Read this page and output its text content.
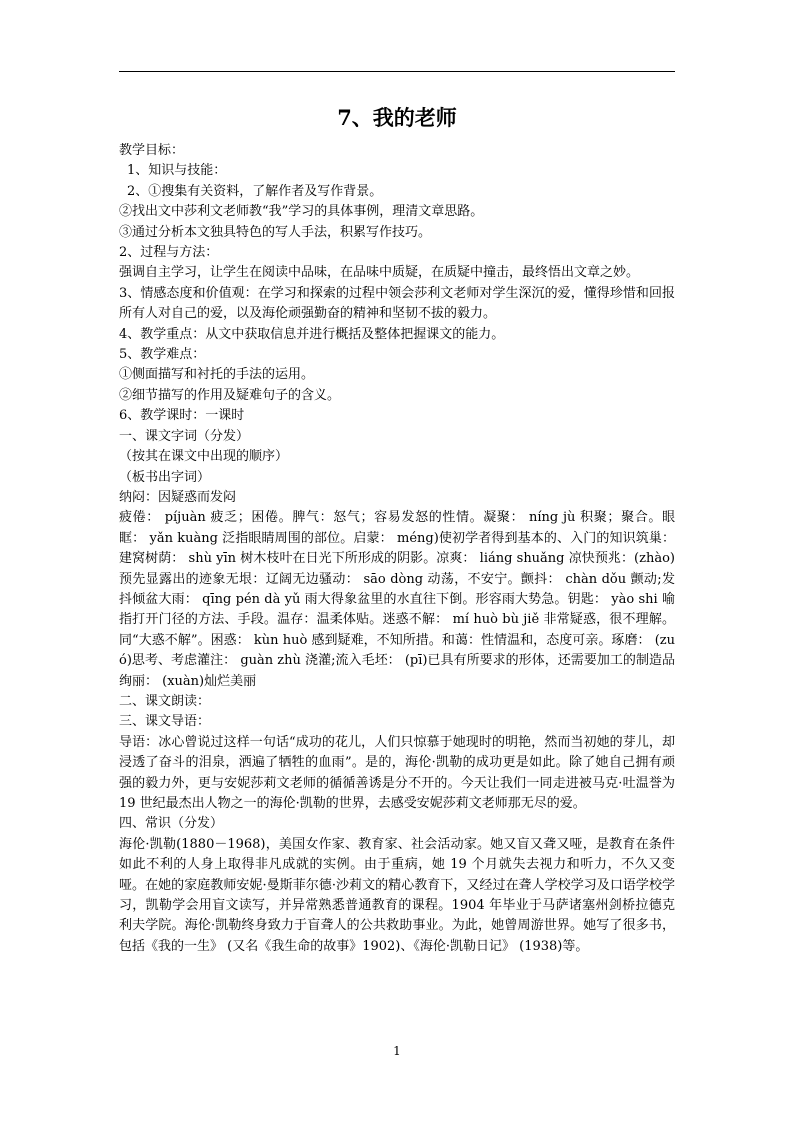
7、我的老师

教学目标：

1、知识与技能：

2、①搜集有关资料，了解作者及写作背景。

②找出文中莎利文老师教“我”学习的具体事例，理清文章思路。

③通过分析本文独具特色的写人手法，积累写作技巧。

2、过程与方法：

强调自主学习，让学生在阅读中品味，在品味中质疑，在质疑中撞击，最终悟出文章之妙。

3、情感态度和价值观：在学习和探索的过程中领会莎利文老师对学生深沉的爱，懂得珍惜和回报所有人对自己的爱，以及海伦顽强勤奋的精神和坚韧不拔的毅力。

4、教学重点：从文中获取信息并进行概括及整体把握课文的能力。

5、教学难点：

①侧面描写和衬托的手法的运用。

②细节描写的作用及疑难句子的含义。

6、教学课时：一课时

一、课文字词（分发）

（按其在课文中出现的顺序）

（板书出字词）

纳闷：因疑惑而发闷

疲倦： píjuàn 疲乏；困倦。脾气：怒气；容易发怒的性情。凝聚： níng jù 积聚；聚合。眼眶： yǎn kuàng 泛指眼睛周围的部位。启蒙： méng)使初学者得到基本的、入门的知识筑巢：建窝树荫： shù yīn 树木枝叶在日光下所形成的阴影。凉爽： liáng shuǎng 凉快预兆：(zhào)预先显露出的迹象无垠：辽阔无边骚动： sāo dòng 动荡，不安宁。颤抖： chàn dǒu 颤动;发抖倾盆大雨： qīng pén dà yǔ 雨大得象盆里的水直往下倒。形容雨大势急。钥匙： yào shi 喻指打开门径的方法、手段。温存：温柔体贴。迷惑不解： mí huò bù jiě 非常疑惑，很不理解。同“大惑不解”。困惑： kùn huò 感到疑难，不知所措。和蔼：性情温和，态度可亲。琢磨： (zuó)思考、考虑灌注： guàn zhù 浇灌;流入毛坯： (pī)已具有所要求的形体，还需要加工的制造品 绚丽： (xuàn)灿烂美丽

二、课文朗读：

三、课文导语：

导语：冰心曾说过这样一句话“成功的花儿，人们只惊慕于她现时的明艳，然而当初她的芽儿，却浸透了奋斗的泪泉，洒遍了牺牲的血雨”。是的，海伦·凯勒的成功更是如此。除了她自己拥有顽强的毅力外，更与安妮莎莉文老师的循循善诱是分不开的。今天让我们一同走进被马克·吐温誉为 19 世纪最杰出人物之一的海伦·凯勒的世界，去感受安妮莎莉文老师那无尽的爱。

四、常识（分发）

海伦·凯勒(1880－1968)，美国女作家、教育家、社会活动家。她又盲又聋又哑，是教育在条件如此不利的人身上取得非凡成就的实例。由于重病，她 19 个月就失去视力和听力，不久又变哑。在她的家庭教师安妮·曼斯菲尔德·沙莉文的精心教育下，又经过在聋人学校学习及口语学校学习，凯勒学会用盲文读写，并异常熟悉普通教育的课程。1904 年毕业于马萨诸塞州剑桥拉德克利夫学院。海伦·凯勒终身致力于盲聋人的公共救助事业。为此，她曾周游世界。她写了很多书，包括《我的一生》 (又名《我生命的故事》1902)、《海伦·凯勒日记》 (1938)等。

1
